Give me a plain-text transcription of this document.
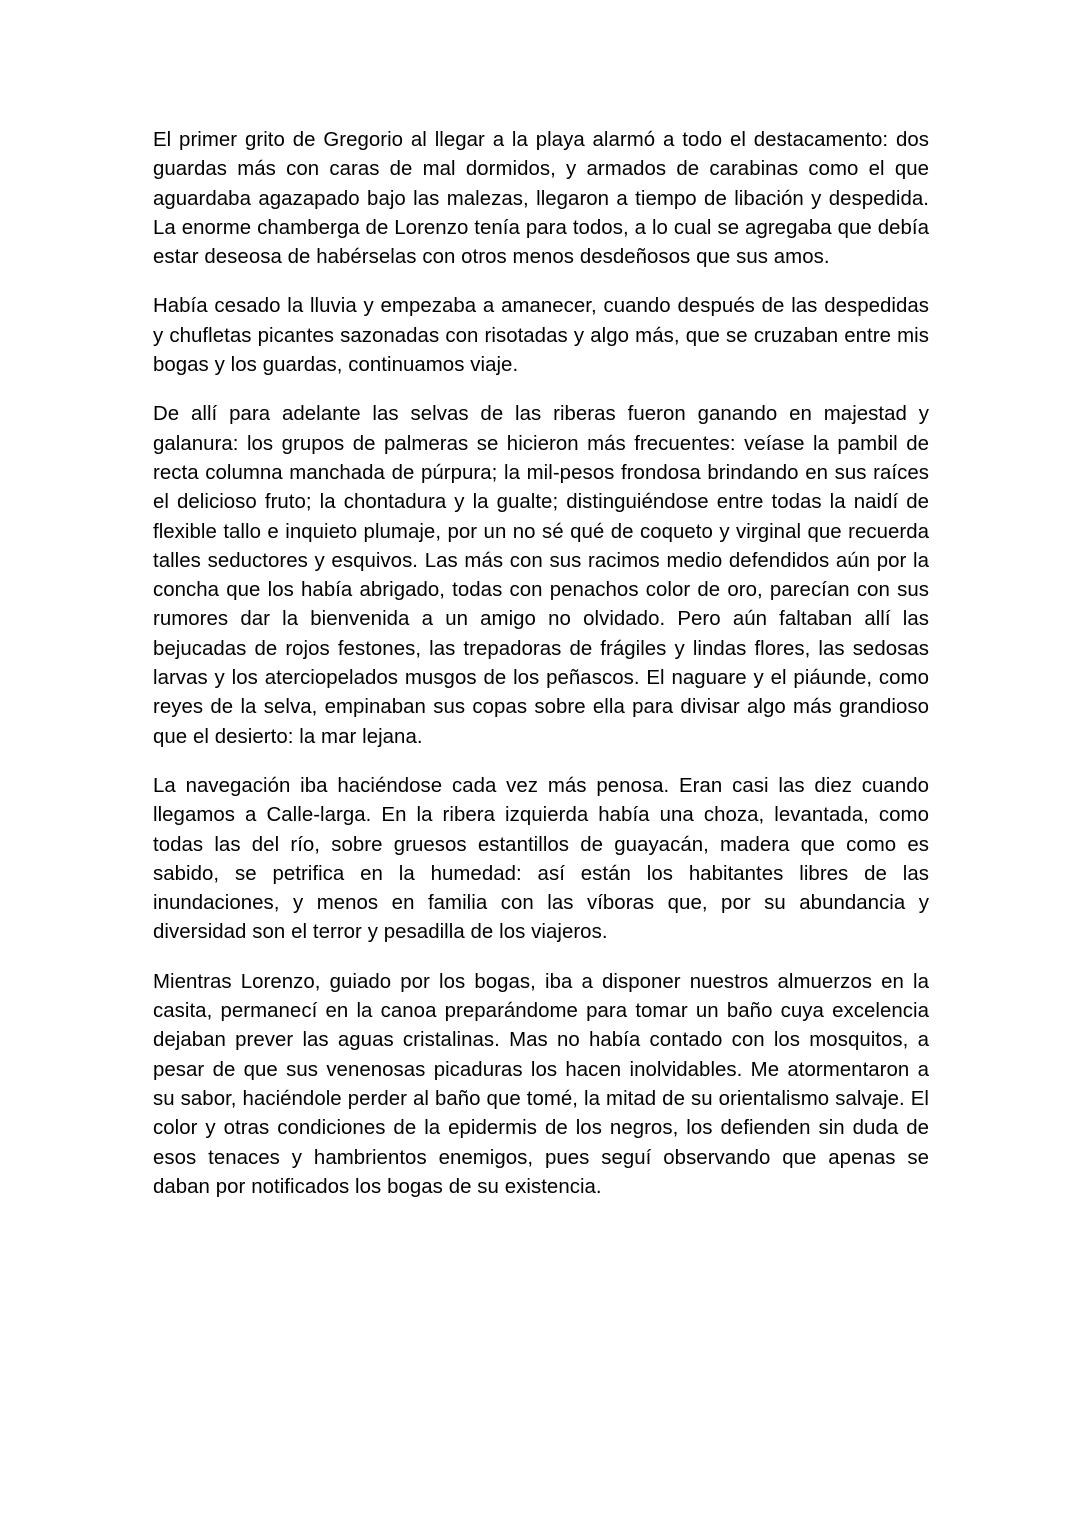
El primer grito de Gregorio al llegar a la playa alarmó a todo el destacamento: dos guardas más con caras de mal dormidos, y armados de carabinas como el que aguardaba agazapado bajo las malezas, llegaron a tiempo de libación y despedida. La enorme chamberga de Lorenzo tenía para todos, a lo cual se agregaba que debía estar deseosa de habérselas con otros menos desdeñosos que sus amos.

Había cesado la lluvia y empezaba a amanecer, cuando después de las despedidas y chufletas picantes sazonadas con risotadas y algo más, que se cruzaban entre mis bogas y los guardas, continuamos viaje.

De allí para adelante las selvas de las riberas fueron ganando en majestad y galanura: los grupos de palmeras se hicieron más frecuentes: veíase la pambil de recta columna manchada de púrpura; la mil-pesos frondosa brindando en sus raíces el delicioso fruto; la chontadura y la gualte; distinguiéndose entre todas la naidí de flexible tallo e inquieto plumaje, por un no sé qué de coqueto y virginal que recuerda talles seductores y esquivos. Las más con sus racimos medio defendidos aún por la concha que los había abrigado, todas con penachos color de oro, parecían con sus rumores dar la bienvenida a un amigo no olvidado. Pero aún faltaban allí las bejucadas de rojos festones, las trepadoras de frágiles y lindas flores, las sedosas larvas y los aterciopelados musgos de los peñascos. El naguare y el piáunde, como reyes de la selva, empinaban sus copas sobre ella para divisar algo más grandioso que el desierto: la mar lejana.

La navegación iba haciéndose cada vez más penosa. Eran casi las diez cuando llegamos a Calle-larga. En la ribera izquierda había una choza, levantada, como todas las del río, sobre gruesos estantillos de guayacán, madera que como es sabido, se petrifica en la humedad: así están los habitantes libres de las inundaciones, y menos en familia con las víboras que, por su abundancia y diversidad son el terror y pesadilla de los viajeros.

Mientras Lorenzo, guiado por los bogas, iba a disponer nuestros almuerzos en la casita, permanecí en la canoa preparándome para tomar un baño cuya excelencia dejaban prever las aguas cristalinas. Mas no había contado con los mosquitos, a pesar de que sus venenosas picaduras los hacen inolvidables. Me atormentaron a su sabor, haciéndole perder al baño que tomé, la mitad de su orientalismo salvaje. El color y otras condiciones de la epidermis de los negros, los defienden sin duda de esos tenaces y hambrientos enemigos, pues seguí observando que apenas se daban por notificados los bogas de su existencia.
